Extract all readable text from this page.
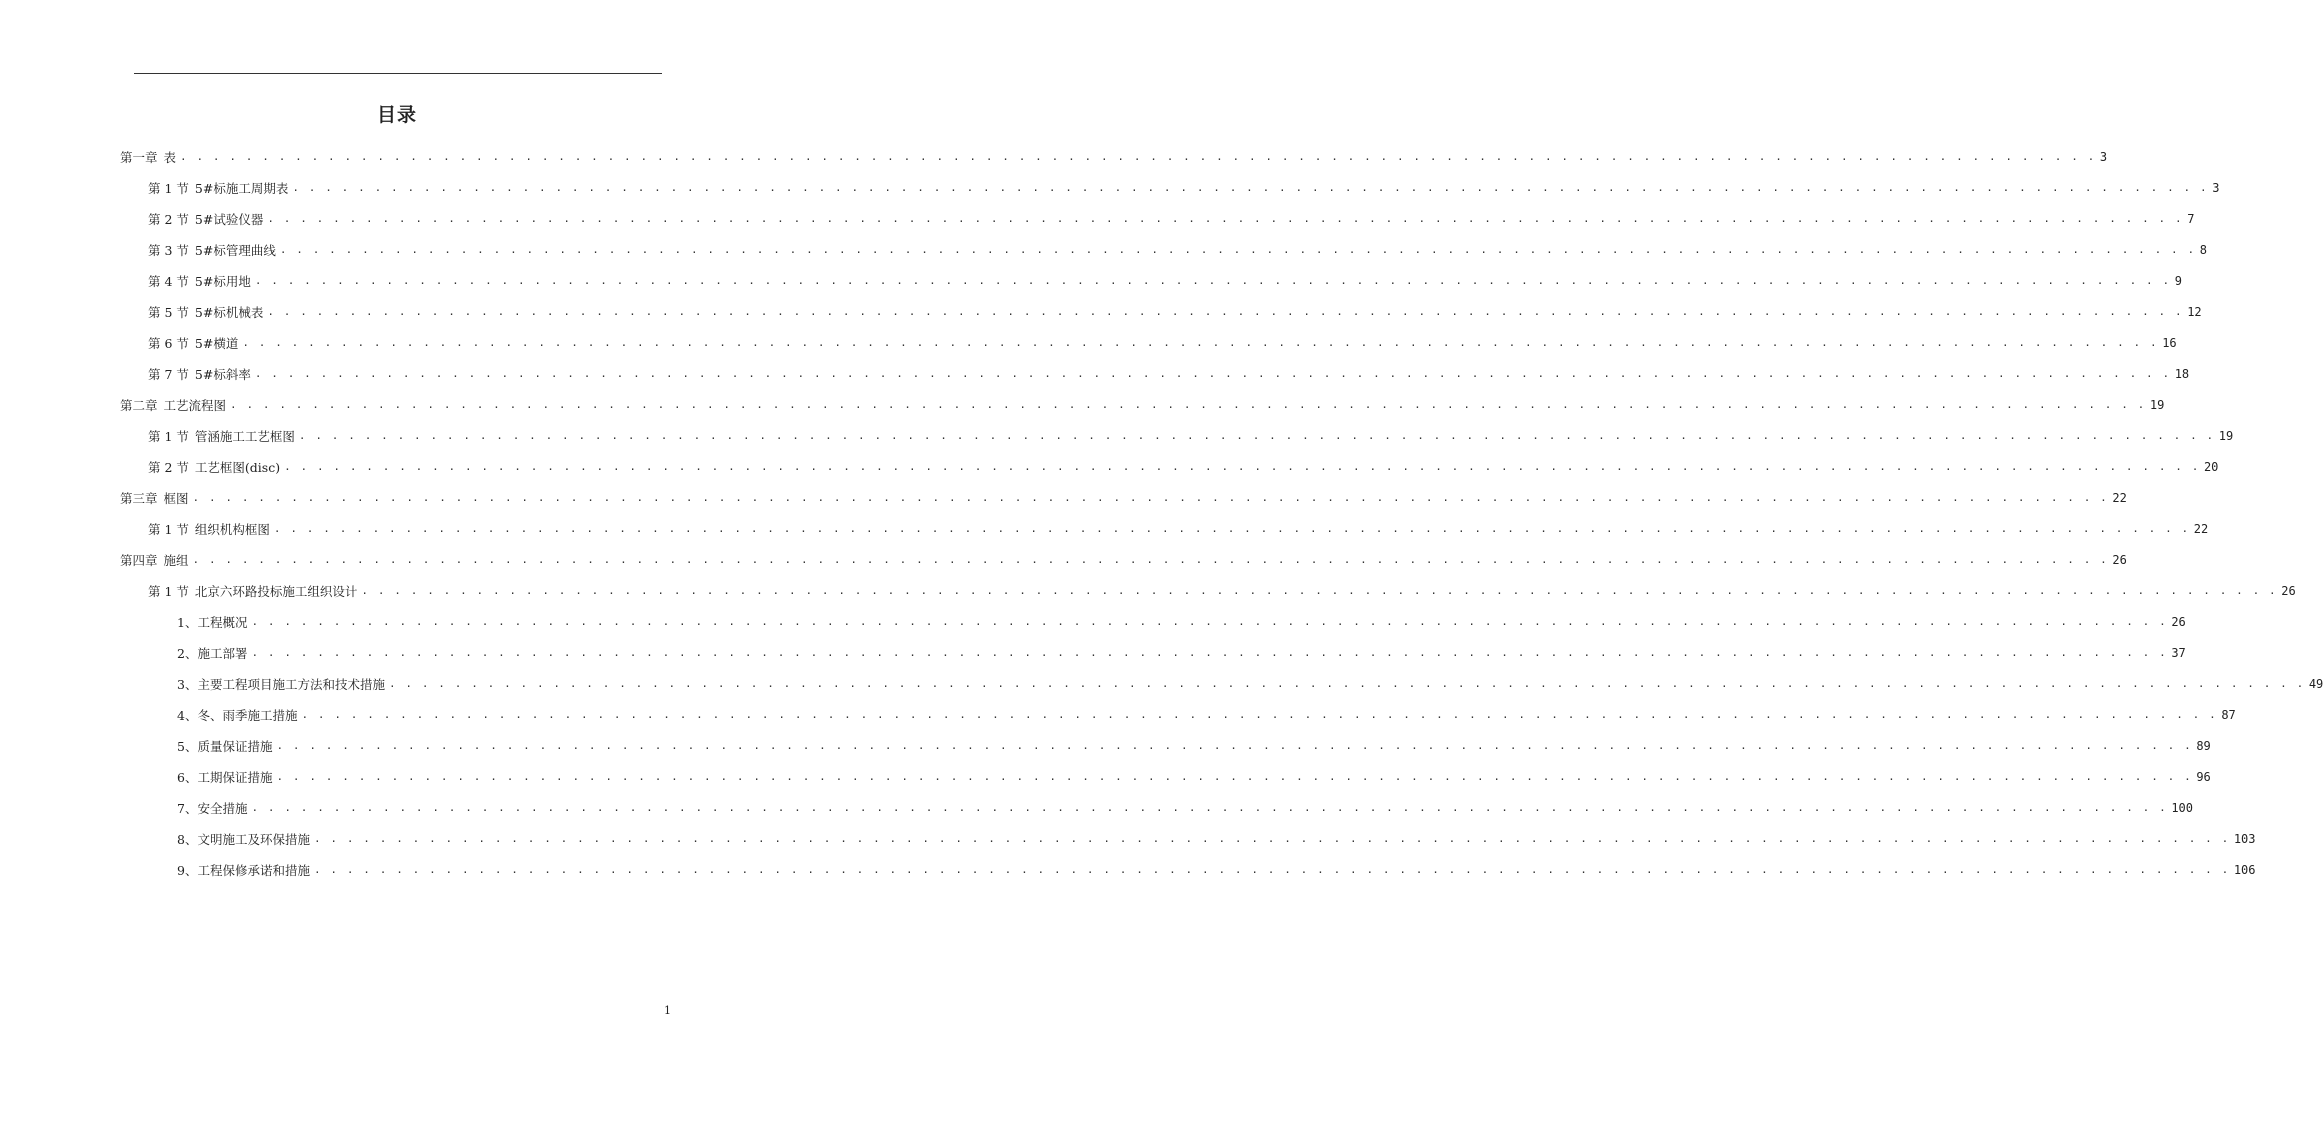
目录
第一章 表 . . . . . . . . . . . . . . . . . . . . . . . . . . . . . . . . . . . . . . . . . . . . . . . . . . . . . . . . . . . . . . . . . . . . . . . . . . . . . . . . . . . . . . . . . . . . . . . . . . . . . . . . . . . . . . . . . . . . . 3
第 1 节 5#标施工周期表 . . . . . . . . . . . . . . . . . . . . . . . . . . . . . . . . . . . . . . . . . . . . . . . . . . . . . . . . . . . . . . . . . . . . . . . . . . . . . . . . . . . . . . . . . . . . . . . . . . . . . . . . . . . . . . . . . . . . . 3
第 2 节 5#试验仪器 . . . . . . . . . . . . . . . . . . . . . . . . . . . . . . . . . . . . . . . . . . . . . . . . . . . . . . . . . . . . . . . . . . . . . . . . . . . . . . . . . . . . . . . . . . . . . . . . . . . . . . . . . . . . . . . . . . . . . 7
第 3 节 5#标管理曲线 . . . . . . . . . . . . . . . . . . . . . . . . . . . . . . . . . . . . . . . . . . . . . . . . . . . . . . . . . . . . . . . . . . . . . . . . . . . . . . . . . . . . . . . . . . . . . . . . . . . . . . . . . . . . . . . . . . . . . 8
第 4 节 5#标用地 . . . . . . . . . . . . . . . . . . . . . . . . . . . . . . . . . . . . . . . . . . . . . . . . . . . . . . . . . . . . . . . . . . . . . . . . . . . . . . . . . . . . . . . . . . . . . . . . . . . . . . . . . . . . . . . . . . . . . 9
第 5 节 5#标机械表 . . . . . . . . . . . . . . . . . . . . . . . . . . . . . . . . . . . . . . . . . . . . . . . . . . . . . . . . . . . . . . . . . . . . . . . . . . . . . . . . . . . . . . . . . . . . . . . . . . . . . . . . . . . . . . . . . . . . . 12
第 6 节 5#横道 . . . . . . . . . . . . . . . . . . . . . . . . . . . . . . . . . . . . . . . . . . . . . . . . . . . . . . . . . . . . . . . . . . . . . . . . . . . . . . . . . . . . . . . . . . . . . . . . . . . . . . . . . . . . . . . . . . . . . 16
第 7 节 5#标斜率 . . . . . . . . . . . . . . . . . . . . . . . . . . . . . . . . . . . . . . . . . . . . . . . . . . . . . . . . . . . . . . . . . . . . . . . . . . . . . . . . . . . . . . . . . . . . . . . . . . . . . . . . . . . . . . . . . . . . . 18
第二章 工艺流程图 . . . . . . . . . . . . . . . . . . . . . . . . . . . . . . . . . . . . . . . . . . . . . . . . . . . . . . . . . . . . . . . . . . . . . . . . . . . . . . . . . . . . . . . . . . . . . . . . . . . . . . . . . . . . . . . . . . . . . 19
第 1 节 管涵施工工艺框图 . . . . . . . . . . . . . . . . . . . . . . . . . . . . . . . . . . . . . . . . . . . . . . . . . . . . . . . . . . . . . . . . . . . . . . . . . . . . . . . . . . . . . . . . . . . . . . . . . . . . . . . . . . . . . . . . . . . . . 19
第 2 节 工艺框图(disc) . . . . . . . . . . . . . . . . . . . . . . . . . . . . . . . . . . . . . . . . . . . . . . . . . . . . . . . . . . . . . . . . . . . . . . . . . . . . . . . . . . . . . . . . . . . . . . . . . . . . . . . . . . . . . . . . . . . . . 20
第三章 框图 . . . . . . . . . . . . . . . . . . . . . . . . . . . . . . . . . . . . . . . . . . . . . . . . . . . . . . . . . . . . . . . . . . . . . . . . . . . . . . . . . . . . . . . . . . . . . . . . . . . . . . . . . . . . . . . . . . . . . 22
第 1 节 组织机构框图 . . . . . . . . . . . . . . . . . . . . . . . . . . . . . . . . . . . . . . . . . . . . . . . . . . . . . . . . . . . . . . . . . . . . . . . . . . . . . . . . . . . . . . . . . . . . . . . . . . . . . . . . . . . . . . . . . . . . . 22
第四章 施组 . . . . . . . . . . . . . . . . . . . . . . . . . . . . . . . . . . . . . . . . . . . . . . . . . . . . . . . . . . . . . . . . . . . . . . . . . . . . . . . . . . . . . . . . . . . . . . . . . . . . . . . . . . . . . . . . . . . . . 26
第 1 节 北京六环路投标施工组织设计 . . . . . . . . . . . . . . . . . . . . . . . . . . . . . . . . . . . . . . . . . . . . . . . . . . . . . . . . . . . . . . . . . . . . . . . . . . . . . . . . . . . . . . . . . . . . . . . . . . . . . . . . . . . . . . . . . . . . . 26
1、 工程概况 . . . . . . . . . . . . . . . . . . . . . . . . . . . . . . . . . . . . . . . . . . . . . . . . . . . . . . . . . . . . . . . . . . . . . . . . . . . . . . . . . . . . . . . . . . . . . . . . . . . . . . . . . . . . . . . . . . . . . 26
2、 施工部署 . . . . . . . . . . . . . . . . . . . . . . . . . . . . . . . . . . . . . . . . . . . . . . . . . . . . . . . . . . . . . . . . . . . . . . . . . . . . . . . . . . . . . . . . . . . . . . . . . . . . . . . . . . . . . . . . . . . . . 37
3、 主要工程项目施工方法和技术措施 . . . . . . . . . . . . . . . . . . . . . . . . . . . . . . . . . . . . . . . . . . . . . . . . . . . . . . . . . . . . . . . . . . . . . . . . . . . . . . . . . . . . . . . . . . . . . . . . . . . . . . . . . . . . . . . . . . . . . 49
4、 冬、雨季施工措施 . . . . . . . . . . . . . . . . . . . . . . . . . . . . . . . . . . . . . . . . . . . . . . . . . . . . . . . . . . . . . . . . . . . . . . . . . . . . . . . . . . . . . . . . . . . . . . . . . . . . . . . . . . . . . . . . . . . . . 87
5、 质量保证措施 . . . . . . . . . . . . . . . . . . . . . . . . . . . . . . . . . . . . . . . . . . . . . . . . . . . . . . . . . . . . . . . . . . . . . . . . . . . . . . . . . . . . . . . . . . . . . . . . . . . . . . . . . . . . . . . . . . . . . 89
6、 工期保证措施 . . . . . . . . . . . . . . . . . . . . . . . . . . . . . . . . . . . . . . . . . . . . . . . . . . . . . . . . . . . . . . . . . . . . . . . . . . . . . . . . . . . . . . . . . . . . . . . . . . . . . . . . . . . . . . . . . . . . . 96
7、 安全措施 . . . . . . . . . . . . . . . . . . . . . . . . . . . . . . . . . . . . . . . . . . . . . . . . . . . . . . . . . . . . . . . . . . . . . . . . . . . . . . . . . . . . . . . . . . . . . . . . . . . . . . . . . . . . . . . . . . . . . 100
8、 文明施工及环保措施 . . . . . . . . . . . . . . . . . . . . . . . . . . . . . . . . . . . . . . . . . . . . . . . . . . . . . . . . . . . . . . . . . . . . . . . . . . . . . . . . . . . . . . . . . . . . . . . . . . . . . . . . . . . . . . . . . . . . . 103
9、 工程保修承诺和措施 . . . . . . . . . . . . . . . . . . . . . . . . . . . . . . . . . . . . . . . . . . . . . . . . . . . . . . . . . . . . . . . . . . . . . . . . . . . . . . . . . . . . . . . . . . . . . . . . . . . . . . . . . . . . . . . . . . . . . 106
1
